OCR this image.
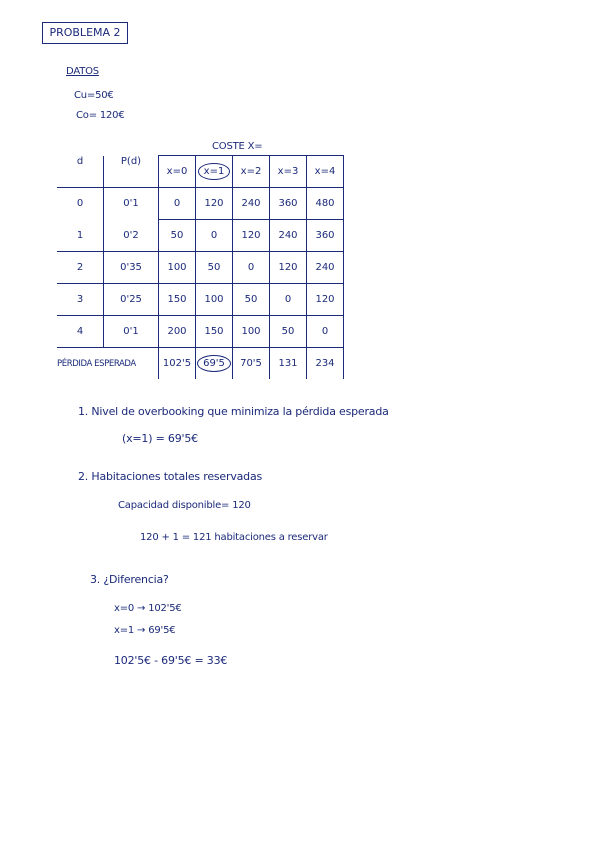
PROBLEMA 2
DATOS
Cu=50€
Co= 120€
COSTE X=
d	P(d)	x=0	x=1	x=2	x=3	x=4
0	0'1	0	120	240	360	480
1	0'2	50	0	120	240	360
2	0'35	100	50	0	120	240
3	0'25	150	100	50	0	120
4	0'1	200	150	100	50	0
PÉRDIDA ESPERADA		102'5	69'5	70'5	131	234
1. Nivel de overbooking que minimiza la pérdida esperada
(x=1) = 69'5€
2. Habitaciones totales reservadas
Capacidad disponible= 120
120 + 1 = 121 habitaciones a reservar
3. ¿Diferencia?
x=0 → 102'5€
x=1 → 69'5€
102'5€ - 69'5€ = 33€
